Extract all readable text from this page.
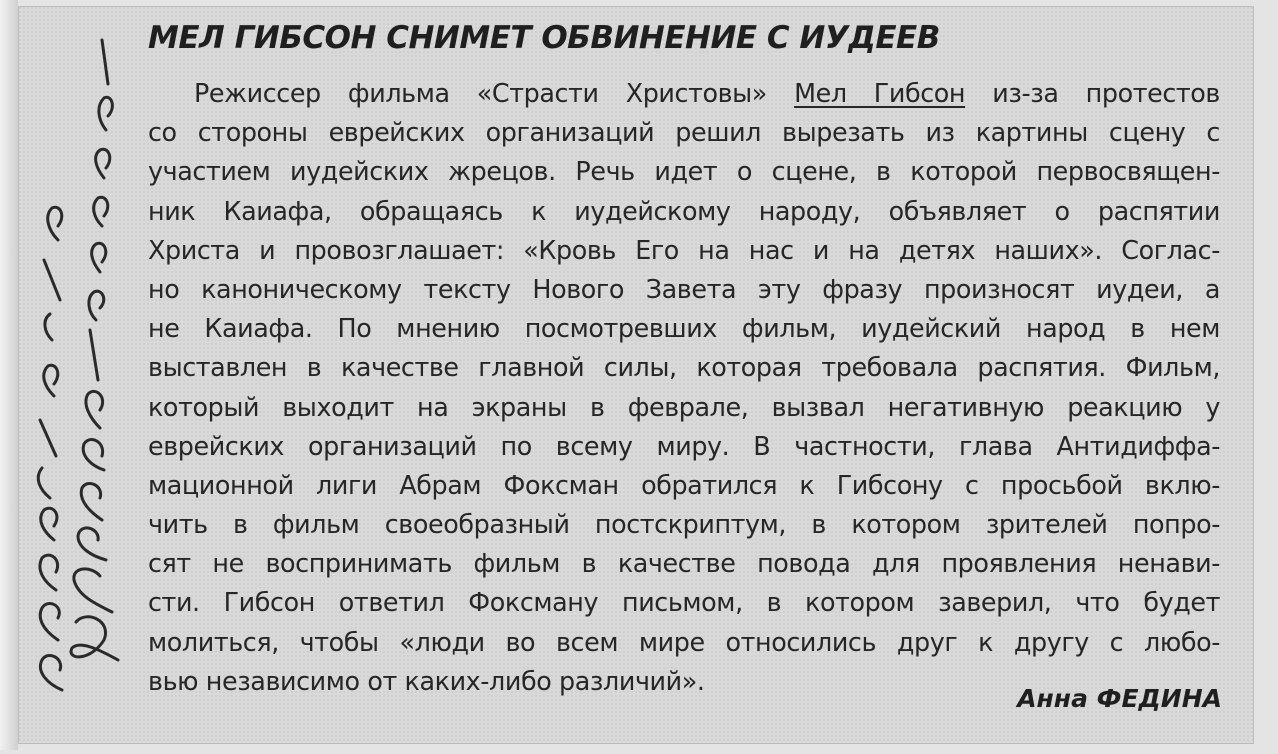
МЕЛ ГИБСОН СНИМЕТ ОБВИНЕНИЕ С ИУДЕЕВ
Режиссер фильма «Страсти Христовы» Мел Гибсон из-за протестов
со стороны еврейских организаций решил вырезать из картины сцену с
участием иудейских жрецов. Речь идет о сцене, в которой первосвящен-
ник Каиафа, обращаясь к иудейскому народу, объявляет о распятии
Христа и провозглашает: «Кровь Его на нас и на детях наших». Соглас-
но каноническому тексту Нового Завета эту фразу произносят иудеи, а
не Каиафа. По мнению посмотревших фильм, иудейский народ в нем
выставлен в качестве главной силы, которая требовала распятия. Фильм,
который выходит на экраны в феврале, вызвал негативную реакцию у
еврейских организаций по всему миру. В частности, глава Антидиффа-
мационной лиги Абрам Фоксман обратился к Гибсону с просьбой вклю-
чить в фильм своеобразный постскриптум, в котором зрителей попро-
сят не воспринимать фильм в качестве повода для проявления ненави-
сти. Гибсон ответил Фоксману письмом, в котором заверил, что будет
молиться, чтобы «люди во всем мире относились друг к другу с любо-
вью независимо от каких-либо различий».
Анна ФЕДИНА
